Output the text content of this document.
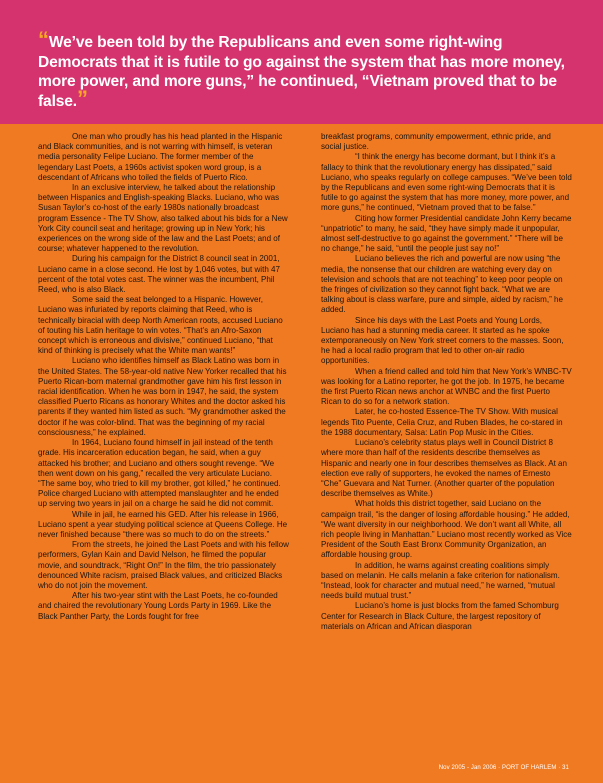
“We’ve been told by the Republicans and even some right-wing Democrats that it is futile to go against the system that has more money, more power, and more guns,” he continued, “Vietnam proved that to be false.”

One man who proudly has his head planted in the Hispanic and Black communities, and is not warring with himself, is veteran media personality Felipe Luciano. The former member of the legendary Last Poets, a 1960s activist spoken word group, is a descendant of Africans who toiled the fields of Puerto Rico.

In an exclusive interview, he talked about the relationship between Hispanics and English-speaking Blacks. Luciano, who was Susan Taylor’s co-host of the early 1980s nationally broadcast program Essence - The TV Show, also talked about his bids for a New York City council seat and heritage; growing up in New York; his experiences on the wrong side of the law and the Last Poets; and of course; whatever happened to the revolution.

During his campaign for the District 8 council seat in 2001, Luciano came in a close second. He lost by 1,046 votes, but with 47 percent of the total votes cast. The winner was the incumbent, Phil Reed, who is also Black.

Some said the seat belonged to a Hispanic. However, Luciano was infuriated by reports claiming that Reed, who is technically biracial with deep North American roots, accused Luciano of touting his Latin heritage to win votes. “That’s an Afro-Saxon concept which is erroneous and divisive,” continued Luciano, “that kind of thinking is precisely what the White man wants!”

Luciano who identifies himself as Black Latino was born in the United States. The 58-year-old native New Yorker recalled that his Puerto Rican-born maternal grandmother gave him his first lesson in racial identification. When he was born in 1947, he said, the system classified Puerto Ricans as honorary Whites and the doctor asked his parents if they wanted him listed as such. “My grandmother asked the doctor if he was color-blind. That was the beginning of my racial consciousness,” he explained.

In 1964, Luciano found himself in jail instead of the tenth grade. His incarceration education began, he said, when a guy attacked his brother; and Luciano and others sought revenge. “We then went down on his gang,” recalled the very articulate Luciano. “The same boy, who tried to kill my brother, got killed,” he continued. Police charged Luciano with attempted manslaughter and he ended up serving two years in jail on a charge he said he did not commit.

While in jail, he earned his GED. After his release in 1966, Luciano spent a year studying political science at Queens College. He never finished because “there was so much to do on the streets.”

From the streets, he joined the Last Poets and with his fellow performers, Gylan Kain and David Nelson, he filmed the popular movie, and soundtrack, “Right On!” In the film, the trio passionately denounced White racism, praised Black values, and criticized Blacks who do not join the movement.

After his two-year stint with the Last Poets, he co-founded and chaired the revolutionary Young Lords Party in 1969. Like the Black Panther Party, the Lords fought for free

breakfast programs, community empowerment, ethnic pride, and social justice.

“I think the energy has become dormant, but I think it’s a fallacy to think that the revolutionary energy has dissipated,” said Luciano, who speaks regularly on college campuses. “We’ve been told by the Republicans and even some right-wing Democrats that it is futile to go against the system that has more money, more power, and more guns,” he continued, “Vietnam proved that to be false.”

Citing how former Presidential candidate John Kerry became “unpatriotic” to many, he said, “they have simply made it unpopular, almost self-destructive to go against the government.” “There will be no change,” he said, “until the people just say no!”

Luciano believes the rich and powerful are now using “the media, the nonsense that our children are watching every day on television and schools that are not teaching” to keep poor people on the fringes of civilization so they cannot fight back. “What we are talking about is class warfare, pure and simple, aided by racism,” he added.

Since his days with the Last Poets and Young Lords, Luciano has had a stunning media career. It started as he spoke extemporaneously on New York street corners to the masses. Soon, he had a local radio program that led to other on-air radio opportunities.

When a friend called and told him that New York’s WNBC-TV was looking for a Latino reporter, he got the job. In 1975, he became the first Puerto Rican news anchor at WNBC and the first Puerto Rican to do so for a network station.

Later, he co-hosted Essence-The TV Show. With musical legends Tito Puente, Celia Cruz, and Ruben Blades, he co-stared in the 1988 documentary, Salsa: Latin Pop Music in the Cities.

Luciano’s celebrity status plays well in Council District 8 where more than half of the residents describe themselves as Hispanic and nearly one in four describes themselves as Black. At an election eve rally of supporters, he evoked the names of Ernesto “Che” Guevara and Nat Turner. (Another quarter of the population describe themselves as White.)

What holds this district together, said Luciano on the campaign trail, “is the danger of losing affordable housing.” He added, “We want diversity in our neighborhood. We don’t want all White, all rich people living in Manhattan.” Luciano most recently worked as Vice President of the South East Bronx Community Organization, an affordable housing group.

In addition, he warns against creating coalitions simply based on melanin. He calls melanin a fake criterion for nationalism. “Instead, look for character and mutual need,” he warned, “mutual needs build mutual trust.”

Luciano’s home is just blocks from the famed Schomburg Center for Research in Black Culture, the largest repository of materials on African and African diasporan

Nov 2005 - Jan 2006 · PORT OF HARLEM · 31
